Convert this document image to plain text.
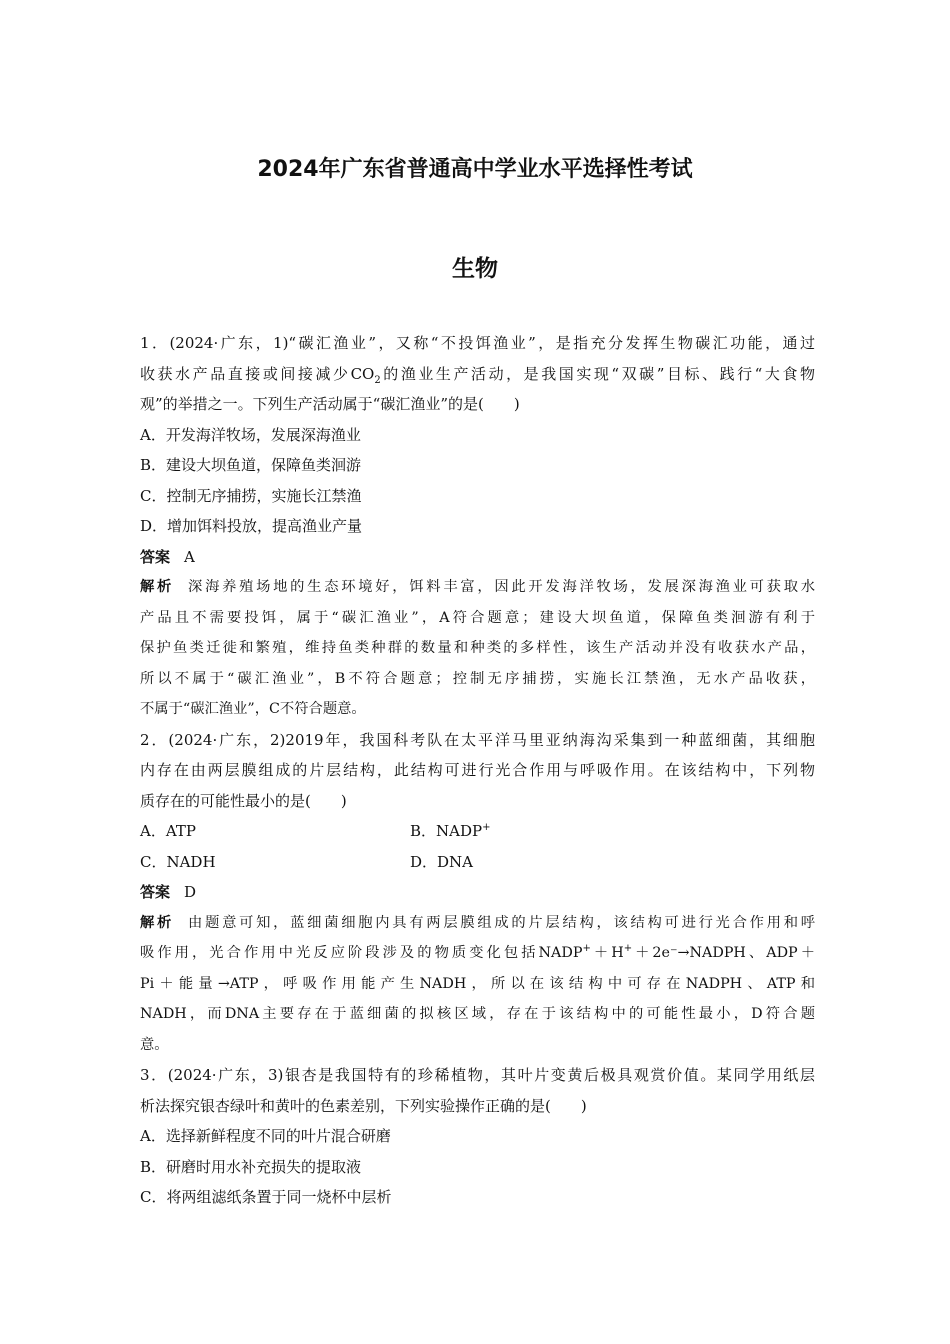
2024年广东省普通高中学业水平选择性考试
生物
1．(2024·广东，1)“碳汇渔业”，又称“不投饵渔业”，是指充分发挥生物碳汇功能，通过
收获水产品直接或间接减少$CO_2$的渔业生产活动，是我国实现“双碳”目标、践行“大食物
观”的举措之一。下列生产活动属于“碳汇渔业”的是(　　)
A．开发海洋牧场，发展深海渔业
B．建设大坝鱼道，保障鱼类洄游
C．控制无序捕捞，实施长江禁渔
D．增加饵料投放，提高渔业产量
答案 A
解析 深海养殖场地的生态环境好，饵料丰富，因此开发海洋牧场，发展深海渔业可获取水
产品且不需要投饵，属于“碳汇渔业”，A符合题意；建设大坝鱼道，保障鱼类洄游有利于
保护鱼类迁徙和繁殖，维持鱼类种群的数量和种类的多样性，该生产活动并没有收获水产品，
所以不属于“碳汇渔业”，B不符合题意；控制无序捕捞，实施长江禁渔，无水产品收获，
不属于“碳汇渔业”，C不符合题意。
2．(2024·广东，2)2019年，我国科考队在太平洋马里亚纳海沟采集到一种蓝细菌，其细胞
内存在由两层膜组成的片层结构，此结构可进行光合作用与呼吸作用。在该结构中，下列物
质存在的可能性最小的是(　　)
A．ATP	B．NADP+
C．NADH	D．DNA
答案 D
解析 由题意可知，蓝细菌细胞内具有两层膜组成的片层结构，该结构可进行光合作用和呼
吸作用，光合作用中光反应阶段涉及的物质变化包括NADP+＋H+＋2e⁻→NADPH、ADP＋
Pi＋能量→ATP，呼吸作用能产生NADH，所以在该结构中可存在NADPH、ATP和
NADH，而DNA主要存在于蓝细菌的拟核区域，存在于该结构中的可能性最小，D符合题
意。
3．(2024·广东，3)银杏是我国特有的珍稀植物，其叶片变黄后极具观赏价值。某同学用纸层
析法探究银杏绿叶和黄叶的色素差别，下列实验操作正确的是(　　)
A．选择新鲜程度不同的叶片混合研磨
B．研磨时用水补充损失的提取液
C．将两组滤纸条置于同一烧杯中层析
